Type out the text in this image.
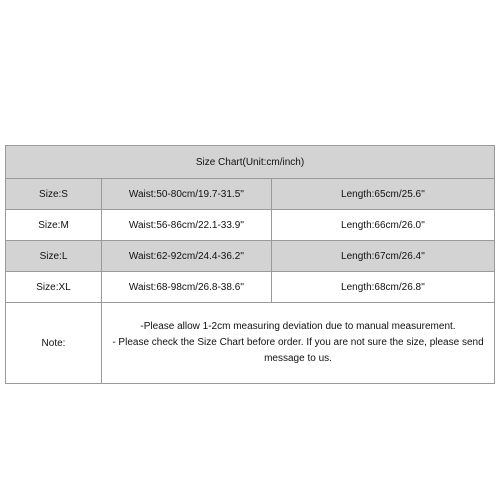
Size Chart(Unit:cm/inch)		
Size:S	Waist:50-80cm/19.7-31.5''	Length:65cm/25.6''
Size:M	Waist:56-86cm/22.1-33.9''	Length:66cm/26.0''
Size:L	Waist:62-92cm/24.4-36.2''	Length:67cm/26.4''
Size:XL	Waist:68-98cm/26.8-38.6''	Length:68cm/26.8''
Note:	-Please allow 1-2cm measuring deviation due to manual measurement.
- Please check the Size Chart before order. If you are not sure the size, please send message to us.	
